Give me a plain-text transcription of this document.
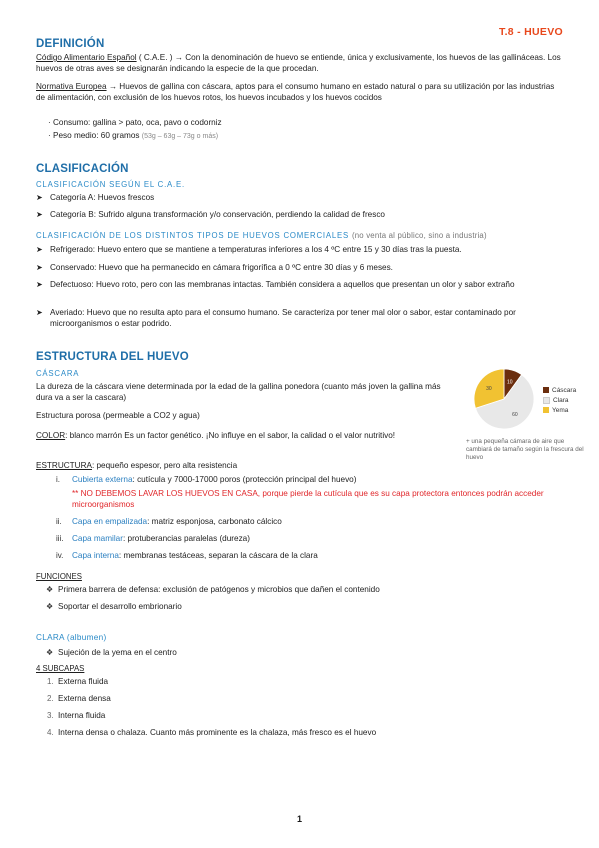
T.8 - HUEVO
DEFINICIÓN
Código Alimentario Español ( C.A.E. ) → Con la denominación de huevo se entiende, única y exclusivamente, los huevos de las gallináceas. Los huevos de otras aves se designarán indicando la especie de la que procedan.
Normativa Europea → Huevos de gallina con cáscara, aptos para el consumo humano en estado natural o para su utilización por las industrias de alimentación, con exclusión de los huevos rotos, los huevos incubados y los huevos cocidos
· Consumo: gallina > pato, oca, pavo o codorniz
· Peso medio: 60 gramos (53g – 63g – 73g o más)
CLASIFICACIÓN
CLASIFICACIÓN SEGÚN EL C.A.E.
➤ Categoría A: Huevos frescos
➤ Categoría B: Sufrido alguna transformación y/o conservación, perdiendo la calidad de fresco
CLASIFICACIÓN DE LOS DISTINTOS TIPOS DE HUEVOS COMERCIALES (no venta al público, sino a industria)
➤ Refrigerado: Huevo entero que se mantiene a temperaturas inferiores a los 4 ºC entre 15 y 30 días tras la puesta.
➤ Conservado: Huevo que ha permanecido en cámara frigorífica a 0 ºC entre 30 días y 6 meses.
➤ Defectuoso: Huevo roto, pero con las membranas intactas. También considera a aquellos que presentan un olor y sabor extraño
➤ Averiado: Huevo que no resulta apto para el consumo humano. Se caracteriza por tener mal olor o sabor, estar contaminado por microorganismos o estar podrido.
ESTRUCTURA DEL HUEVO
CÁSCARA
La dureza de la cáscara viene determinada por la edad de la gallina ponedora (cuanto más joven la gallina más dura va a ser la cascara)
Estructura porosa (permeable a CO2 y agua)
COLOR: blanco marrón Es un factor genético. ¡No influye en el sabor, la calidad o el valor nutritivo!
ESTRUCTURA: pequeño espesor, pero alta resistencia
i. Cubierta externa: cutícula y 7000-17000 poros (protección principal del huevo)
** NO DEBEMOS LAVAR LOS HUEVOS EN CASA, porque pierde la cutícula que es su capa protectora entonces podrán acceder microorganismos
ii. Capa en empalizada: matriz esponjosa, carbonato cálcico
iii. Capa mamilar: protuberancias paralelas (dureza)
iv. Capa interna: membranas testáceas, separan la cáscara de la clara
FUNCIONES
❖ Primera barrera de defensa: exclusión de patógenos y microbios que dañen el contenido
❖ Soportar el desarrollo embrionario
CLARA (albumen)
❖ Sujeción de la yema en el centro
4 SUBCAPAS
1. Externa fluida
2. Externa densa
3. Interna fluida
4. Interna densa o chalaza. Cuanto más prominente es la chalaza, más fresco es el huevo
10
60
30	Cáscara
Clara
Yema
+ una pequeña cámara de aire que cambiará de tamaño según la frescura del huevo
1
